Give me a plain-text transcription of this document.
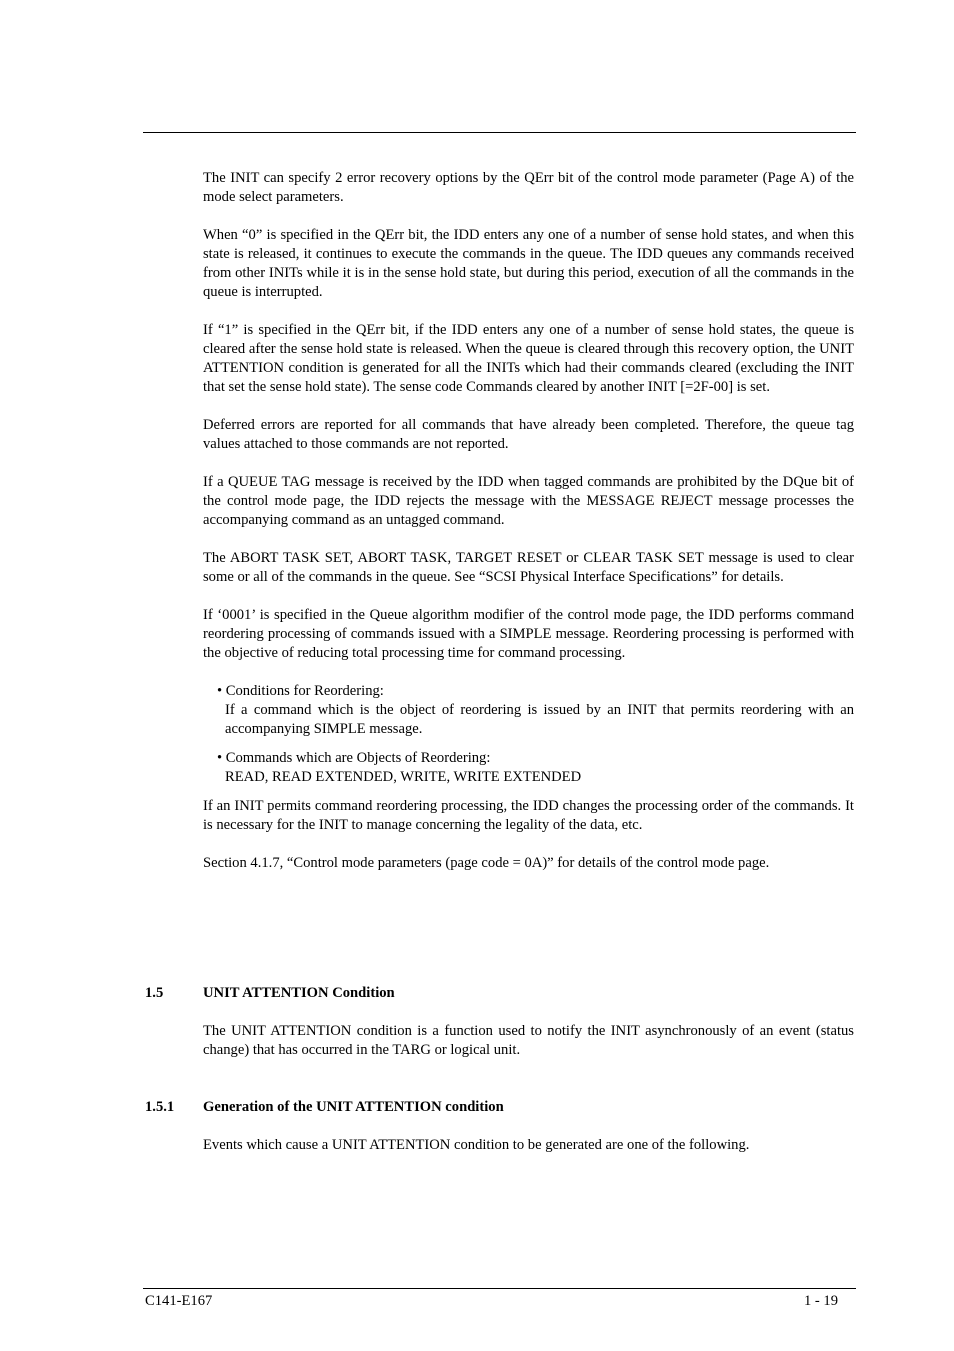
The INIT can specify 2 error recovery options by the QErr bit of the control mode parameter (Page A) of the mode select parameters.

When “0” is specified in the QErr bit, the IDD enters any one of a number of sense hold states, and when this state is released, it continues to execute the commands in the queue. The IDD queues any commands received from other INITs while it is in the sense hold state, but during this period, execution of all the commands in the queue is interrupted.

If “1” is specified in the QErr bit, if the IDD enters any one of a number of sense hold states, the queue is cleared after the sense hold state is released. When the queue is cleared through this recovery option, the UNIT ATTENTION condition is generated for all the INITs which had their commands cleared (excluding the INIT that set the sense hold state). The sense code Commands cleared by another INIT [=2F-00] is set.

Deferred errors are reported for all commands that have already been completed. Therefore, the queue tag values attached to those commands are not reported.

If a QUEUE TAG message is received by the IDD when tagged commands are prohibited by the DQue bit of the control mode page, the IDD rejects the message with the MESSAGE REJECT message processes the accompanying command as an untagged command.

The ABORT TASK SET, ABORT TASK, TARGET RESET or CLEAR TASK SET message is used to clear some or all of the commands in the queue. See “SCSI Physical Interface Specifications” for details.

If ‘0001’ is specified in the Queue algorithm modifier of the control mode page, the IDD performs command reordering processing of commands issued with a SIMPLE message. Reordering processing is performed with the objective of reducing total processing time for command processing.

• Conditions for Reordering:
If a command which is the object of reordering is issued by an INIT that permits reordering with an accompanying SIMPLE message.
• Commands which are Objects of Reordering:
READ, READ EXTENDED, WRITE, WRITE EXTENDED

If an INIT permits command reordering processing, the IDD changes the processing order of the commands. It is necessary for the INIT to manage concerning the legality of the data, etc.

Section 4.1.7, “Control mode parameters (page code = 0A)” for details of the control mode page.

1.5	UNIT ATTENTION Condition

The UNIT ATTENTION condition is a function used to notify the INIT asynchronously of an event (status change) that has occurred in the TARG or logical unit.

1.5.1 Generation of the UNIT ATTENTION condition

Events which cause a UNIT ATTENTION condition to be generated are one of the following.

C141-E167	1 - 19
